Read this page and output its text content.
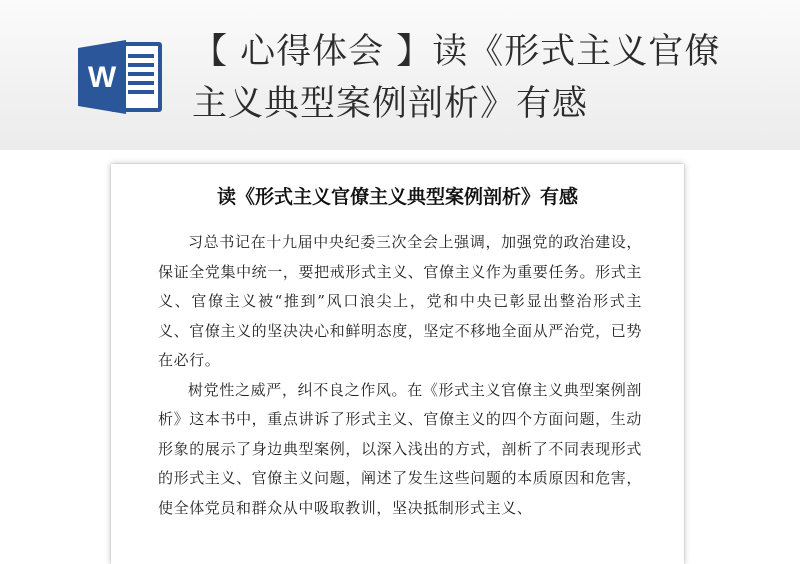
W
【 心得体会 】读《形式主义官僚主义典型案例剖析》有感
读《形式主义官僚主义典型案例剖析》有感

习总书记在十九届中央纪委三次全会上强调，加强党的政治建设，保证全党集中统一，要把戒形式主义、官僚主义作为重要任务。形式主义、官僚主义被“推到”风口浪尖上，党和中央已彰显出整治形式主义、官僚主义的坚决决心和鲜明态度，坚定不移地全面从严治党，已势在必行。

树党性之威严，纠不良之作风。在《形式主义官僚主义典型案例剖析》这本书中，重点讲诉了形式主义、官僚主义的四个方面问题，生动形象的展示了身边典型案例，以深入浅出的方式，剖析了不同表现形式的形式主义、官僚主义问题，阐述了发生这些问题的本质原因和危害，使全体党员和群众从中吸取教训，坚决抵制形式主义、
